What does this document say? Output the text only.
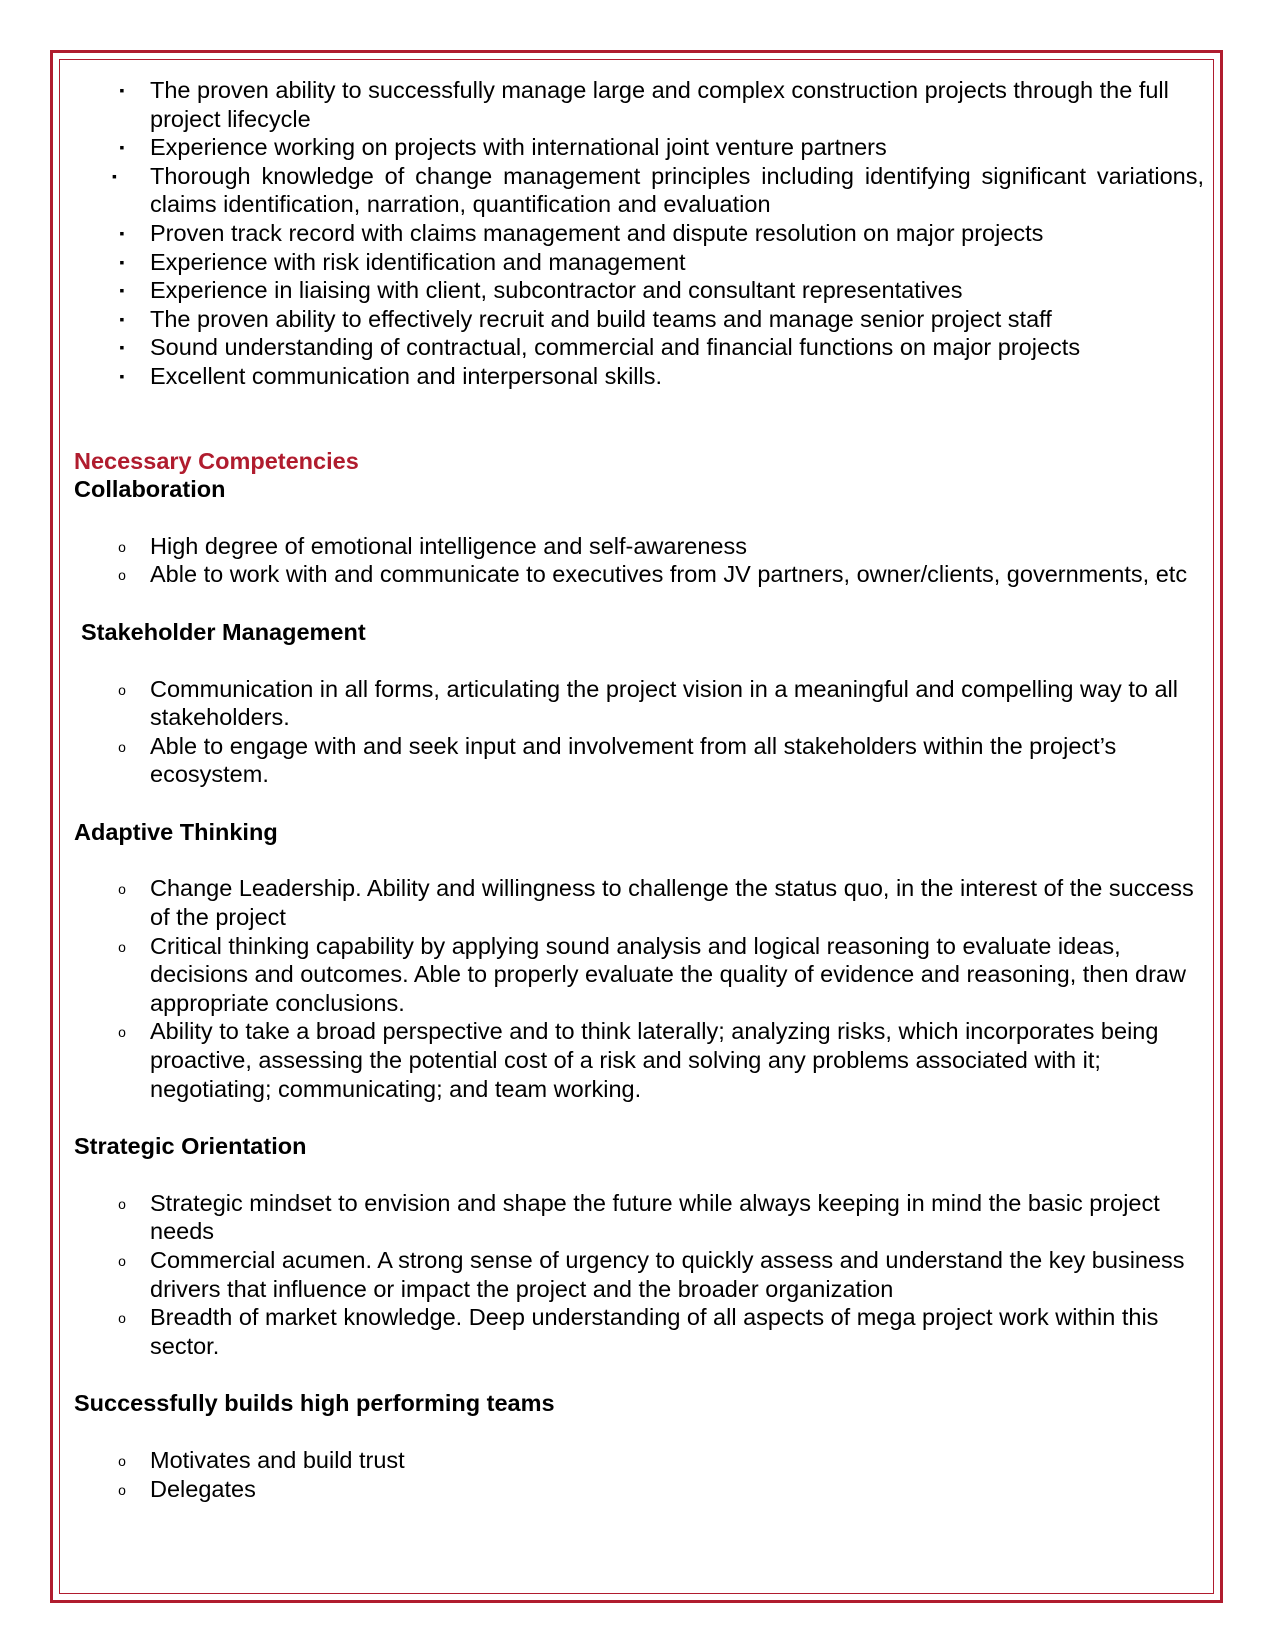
▪	The proven ability to successfully manage large and complex construction projects through the full project lifecycle
▪	Experience working on projects with international joint venture partners
▪	Thorough knowledge of change management principles including identifying significant variations, claims identification, narration, quantification and evaluation
▪	Proven track record with claims management and dispute resolution on major projects
▪	Experience with risk identification and management
▪	Experience in liaising with client, subcontractor and consultant representatives
▪	The proven ability to effectively recruit and build teams and manage senior project staff
▪	Sound understanding of contractual, commercial and financial functions on major projects
▪	Excellent communication and interpersonal skills.
Necessary Competencies
Collaboration
o High degree of emotional intelligence and self-awareness
o Able to work with and communicate to executives from JV partners, owner/clients, governments, etc
Stakeholder Management
o Communication in all forms, articulating the project vision in a meaningful and compelling way to all stakeholders.
o Able to engage with and seek input and involvement from all stakeholders within the project’s ecosystem.
Adaptive Thinking
o Change Leadership. Ability and willingness to challenge the status quo, in the interest of the success of the project
o Critical thinking capability by applying sound analysis and logical reasoning to evaluate ideas, decisions and outcomes. Able to properly evaluate the quality of evidence and reasoning, then draw appropriate conclusions.
o Ability to take a broad perspective and to think laterally; analyzing risks, which incorporates being proactive, assessing the potential cost of a risk and solving any problems associated with it; negotiating; communicating; and team working.
Strategic Orientation
o Strategic mindset to envision and shape the future while always keeping in mind the basic project needs
o Commercial acumen. A strong sense of urgency to quickly assess and understand the key business drivers that influence or impact the project and the broader organization
o Breadth of market knowledge. Deep understanding of all aspects of mega project work within this sector.
Successfully builds high performing teams
o Motivates and build trust
o Delegates
